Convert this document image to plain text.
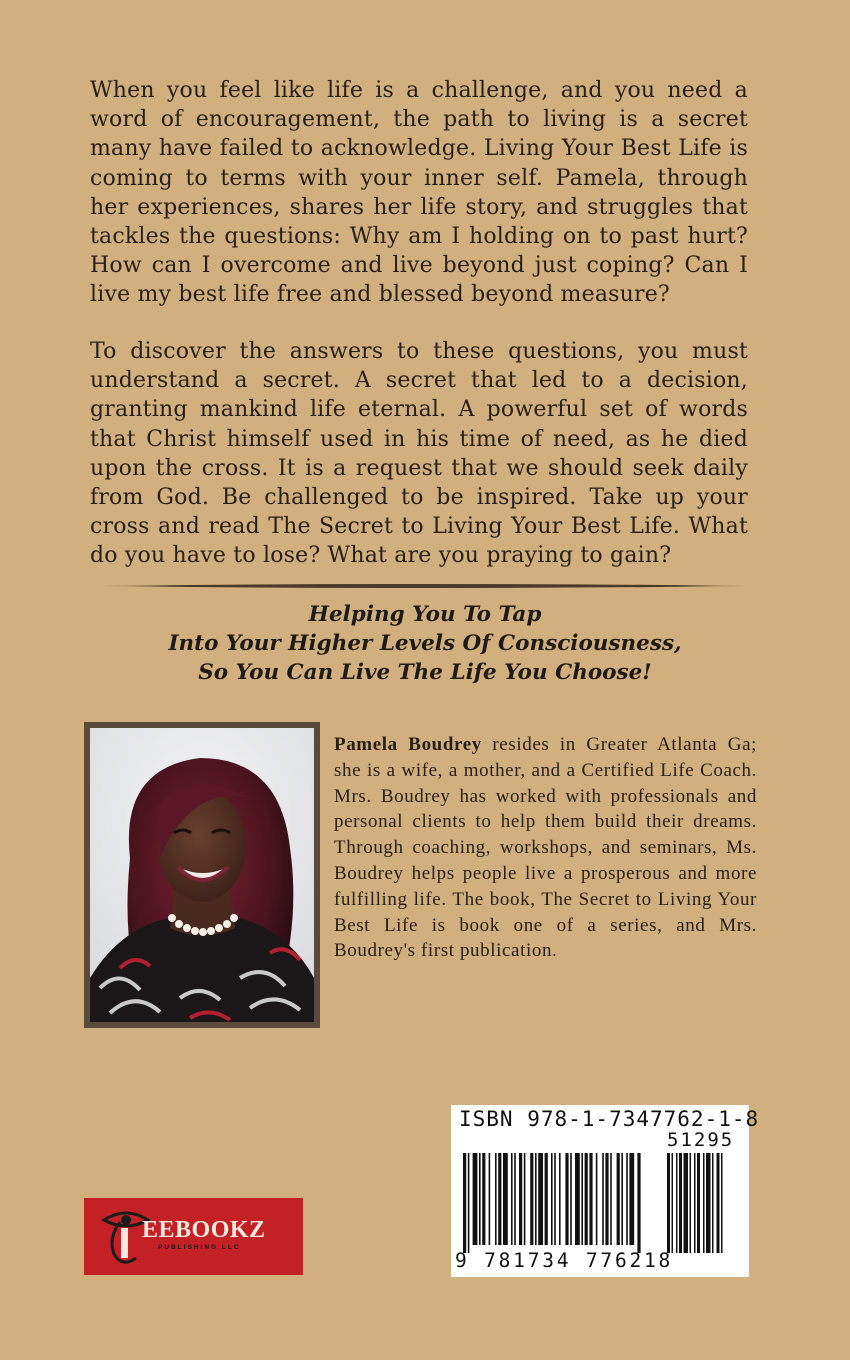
When you feel like life is a challenge, and you need a word of encouragement, the path to living is a secret many have failed to acknowledge. Living Your Best Life is coming to terms with your inner self. Pamela, through her experiences, shares her life story, and struggles that tackles the questions: Why am I holding on to past hurt? How can I overcome and live beyond just coping? Can I live my best life free and blessed beyond measure?

To discover the answers to these questions, you must understand a secret. A secret that led to a decision, granting mankind life eternal. A powerful set of words that Christ himself used in his time of need, as he died upon the cross. It is a request that we should seek daily from God. Be challenged to be inspired. Take up your cross and read The Secret to Living Your Best Life. What do you have to lose? What are you praying to gain?

Helping You To Tap
Into Your Higher Levels Of Consciousness,
So You Can Live The Life You Choose!

Pamela Boudrey resides in Greater Atlanta Ga; she is a wife, a mother, and a Certified Life Coach. Mrs. Boudrey has worked with professionals and personal clients to help them build their dreams. Through coaching, workshops, and seminars, Ms. Boudrey helps people live a prosperous and more fulfilling life. The book, The Secret to Living Your Best Life is book one of a series, and Mrs. Boudrey's first publication.

EEBOOKZ
PUBLISHING LLC
ISBN 978-1-7347762-1-8
51295
9 781734 776218
